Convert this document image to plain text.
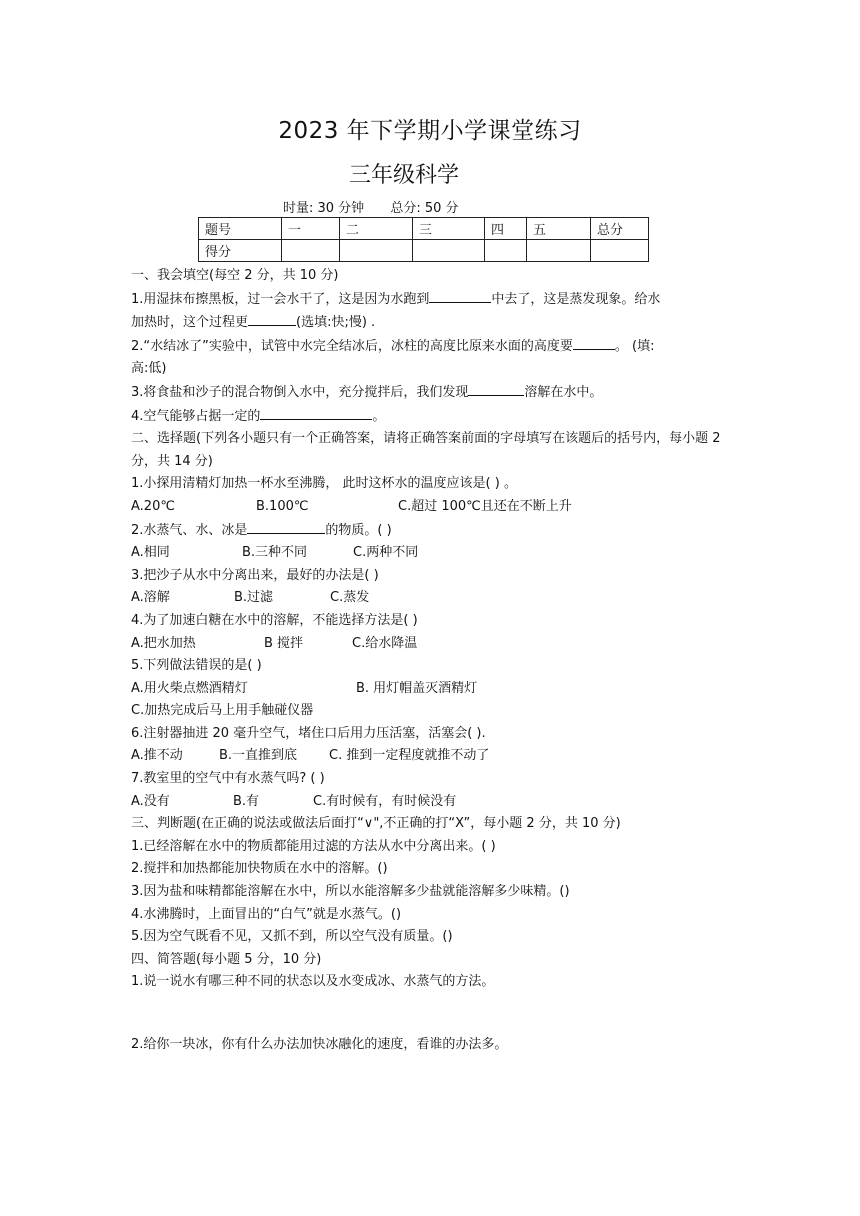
2023 年下学期小学课堂练习
三年级科学
时量: 30 分钟 总分: 50 分
题号	一	二	三	四	五	总分
得分						

一、我会填空(每空 2 分，共 10 分)

1.用湿抹布擦黑板，过一会水干了，这是因为水跑到	中去了，这是蒸发现象。给水

加热时，这个过程更	(选填:快;慢) .

2.“水结冰了”实验中，试管中水完全结冰后，冰柱的高度比原来水面的高度要	。 (填:

高:低)

3.将食盐和沙子的混合物倒入水中，充分搅拌后，我们发现	溶解在水中。

4.空气能够占据一定的	。

二、选择题(下列各小题只有一个正确答案，请将正确答案前面的字母填写在该题后的括号内，每小题 2 分，共 14 分)

1.小探用清精灯加热一杯水至沸腾， 此时这杯水的温度应该是( ) 。

A.20℃	B.100℃	C.超过 100℃且还在不断上升

2.水蒸气、水、冰是	的物质。( )

A.相同	B.三种不同	C.两种不同

3.把沙子从水中分离出来，最好的办法是( )

A.溶解	B.过滤	C.蒸发

4.为了加速白糖在水中的溶解，不能选择方法是( )

A.把水加热	B 搅拌	C.给水降温

5.下列做法错误的是( )

A.用火柴点燃酒精灯	B. 用灯帽盖灭酒精灯

C.加热完成后马上用手触碰仪器

6.注射器抽进 20 毫升空气，堵住口后用力压活塞，活塞会( ).

A.推不动	B.一直推到底	C. 推到一定程度就推不动了

7.教室里的空气中有水蒸气吗? ( )

A.没有	B.有	C.有时候有，有时候没有

三、判断题(在正确的说法或做法后面打“∨",不正确的打“X”，每小题 2 分，共 10 分)

1.已经溶解在水中的物质都能用过滤的方法从水中分离出来。( )

2.搅拌和加热都能加快物质在水中的溶解。()

3.因为盐和味精都能溶解在水中，所以水能溶解多少盐就能溶解多少味精。()

4.水沸腾时，上面冒出的“白气”就是水蒸气。()

5.因为空气既看不见，又抓不到，所以空气没有质量。()

四、简答题(每小题 5 分，10 分)

1.说一说水有哪三种不同的状态以及水变成冰、水蒸气的方法。

2.给你一块冰，你有什么办法加快冰融化的速度，看谁的办法多。
